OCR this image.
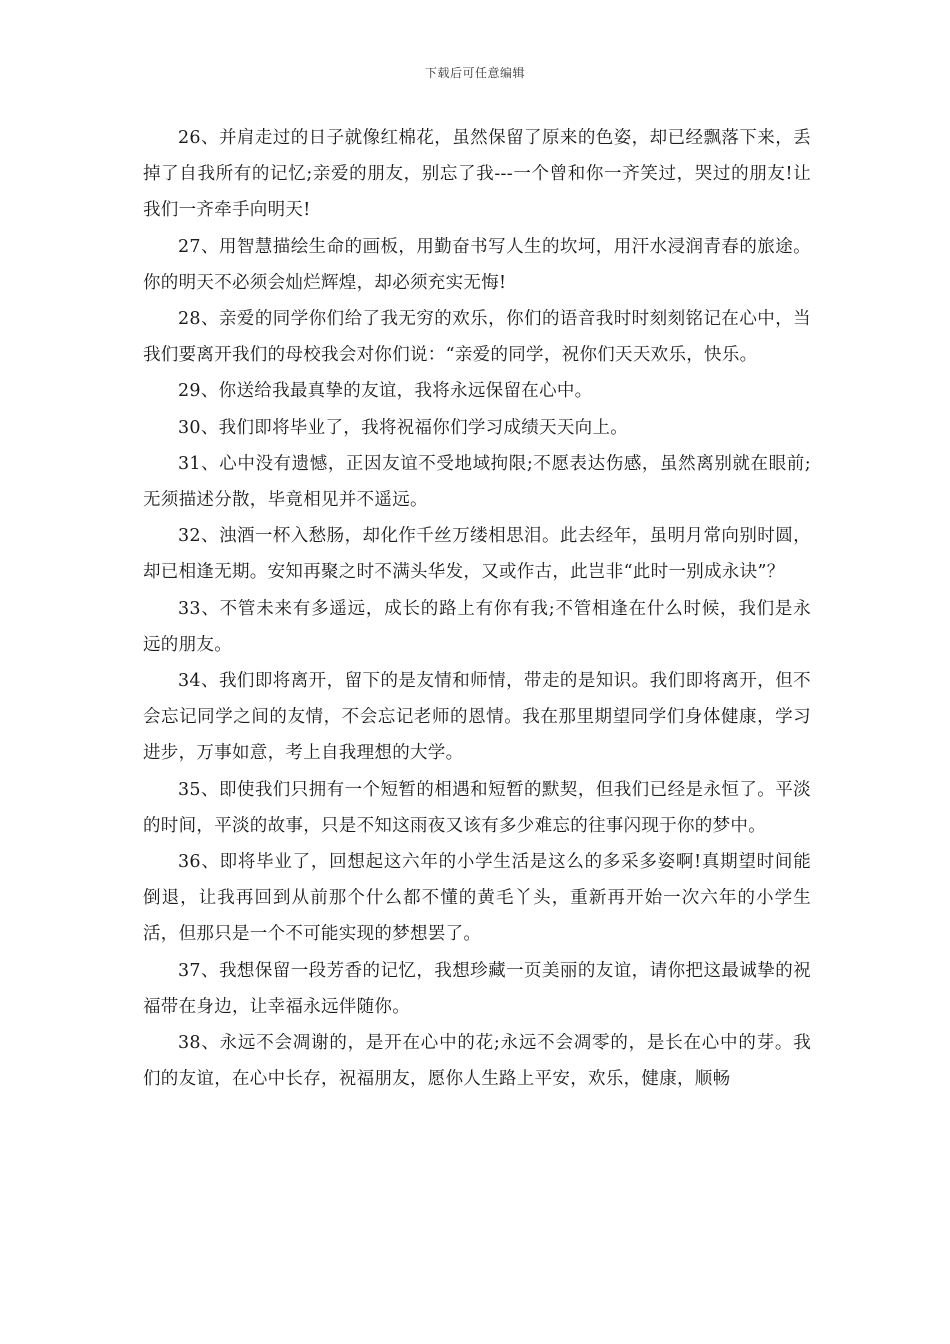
下载后可任意编辑

26、并肩走过的日子就像红棉花，虽然保留了原来的色姿，却已经飘落下来，丢掉了自我所有的记忆;亲爱的朋友，别忘了我---一个曾和你一齐笑过，哭过的朋友!让我们一齐牵手向明天!

27、用智慧描绘生命的画板，用勤奋书写人生的坎坷，用汗水浸润青春的旅途。你的明天不必须会灿烂辉煌，却必须充实无悔!

28、亲爱的同学你们给了我无穷的欢乐，你们的语音我时时刻刻铭记在心中，当我们要离开我们的母校我会对你们说：“亲爱的同学，祝你们天天欢乐，快乐。

29、你送给我最真挚的友谊，我将永远保留在心中。

30、我们即将毕业了，我将祝福你们学习成绩天天向上。

31、心中没有遗憾，正因友谊不受地域拘限;不愿表达伤感，虽然离别就在眼前;无须描述分散，毕竟相见并不遥远。

32、浊酒一杯入愁肠，却化作千丝万缕相思泪。此去经年，虽明月常向别时圆，却已相逢无期。安知再聚之时不满头华发，又或作古，此岂非“此时一别成永诀”？

33、不管未来有多遥远，成长的路上有你有我;不管相逢在什么时候，我们是永远的朋友。

34、我们即将离开，留下的是友情和师情，带走的是知识。我们即将离开，但不会忘记同学之间的友情，不会忘记老师的恩情。我在那里期望同学们身体健康，学习进步，万事如意，考上自我理想的大学。

35、即使我们只拥有一个短暂的相遇和短暂的默契，但我们已经是永恒了。平淡的时间，平淡的故事，只是不知这雨夜又该有多少难忘的往事闪现于你的梦中。

36、即将毕业了，回想起这六年的小学生活是这么的多采多姿啊!真期望时间能倒退，让我再回到从前那个什么都不懂的黄毛丫头，重新再开始一次六年的小学生活，但那只是一个不可能实现的梦想罢了。

37、我想保留一段芳香的记忆，我想珍藏一页美丽的友谊，请你把这最诚挚的祝福带在身边，让幸福永远伴随你。

38、永远不会凋谢的，是开在心中的花;永远不会凋零的，是长在心中的芽。我们的友谊，在心中长存，祝福朋友，愿你人生路上平安，欢乐，健康，顺畅
